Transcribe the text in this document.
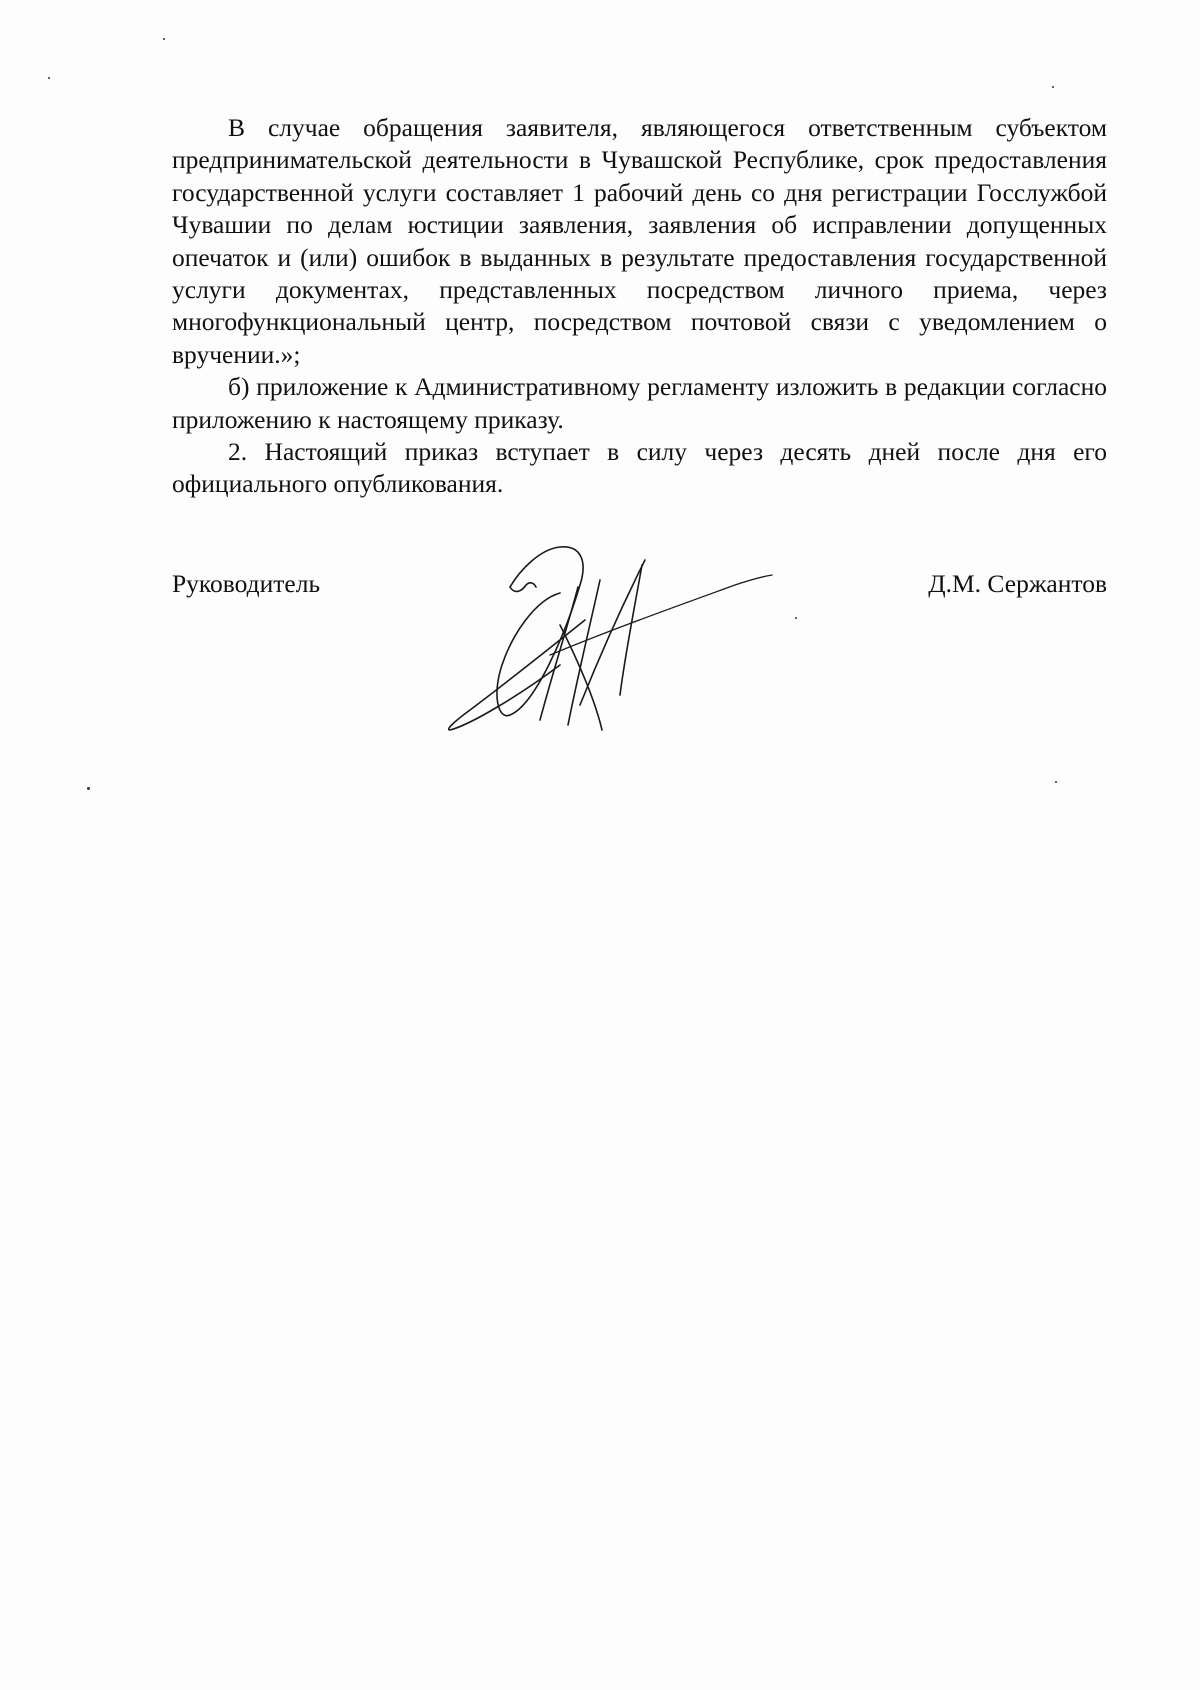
В случае обращения заявителя, являющегося ответственным субъектом предпринимательской деятельности в Чувашской Республике, срок предоставления государственной услуги составляет 1 рабочий день со дня регистрации Госслужбой Чувашии по делам юстиции заявления, заявления об исправлении допущенных опечаток и (или) ошибок в выданных в результате предоставления государственной услуги документах, представленных посредством личного приема, через многофункциональный центр, посредством почтовой связи с уведомлением о вручении.»;

б) приложение к Административному регламенту изложить в редакции согласно приложению к настоящему приказу.

2. Настоящий приказ вступает в силу через десять дней после дня его официального опубликования.

Руководитель	Д.М. Сержантов
